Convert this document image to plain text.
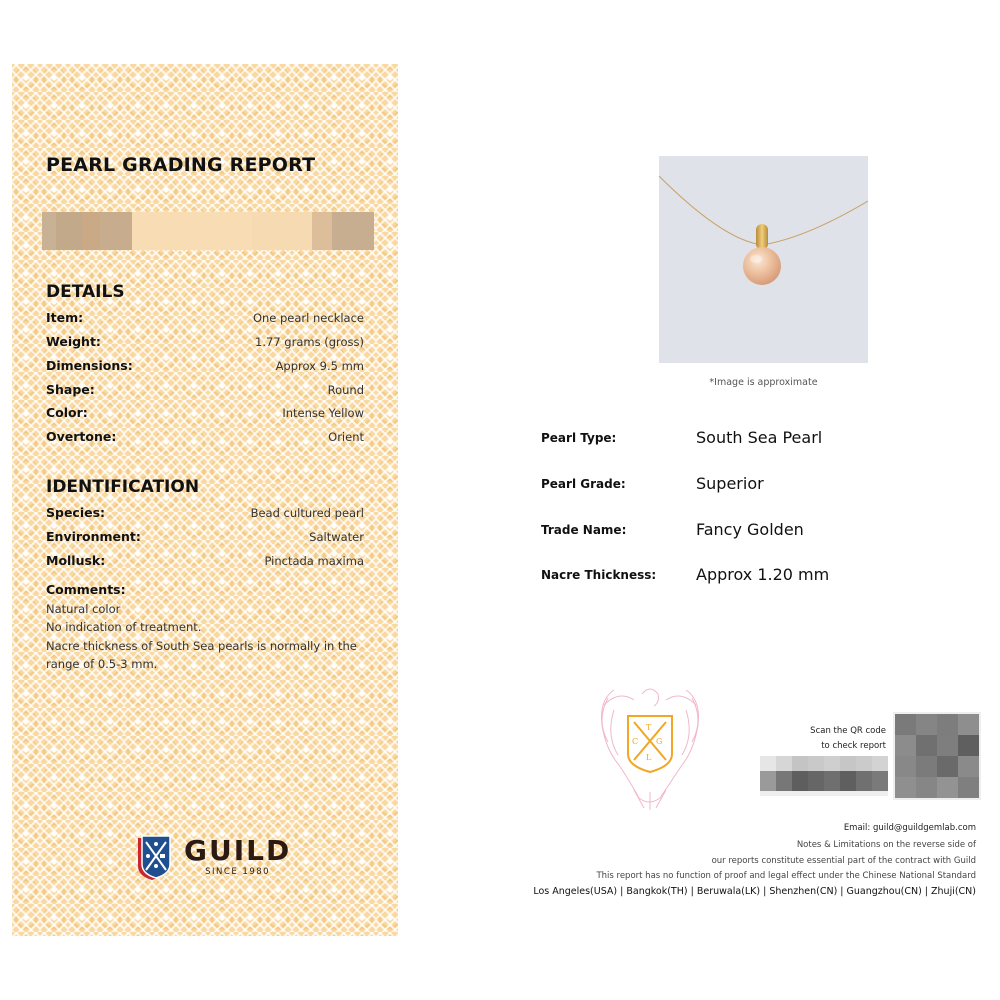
PEARL GRADING REPORT
DETAILS
Item:	One pearl necklace
Weight:	1.77 grams (gross)
Dimensions:	Approx 9.5 mm
Shape:	Round
Color:	Intense Yellow
Overtone:	Orient
IDENTIFICATION
Species:	Bead cultured pearl
Environment:	Saltwater
Mollusk:	Pinctada maxima
Comments:
Natural color
No indication of treatment.
Nacre thickness of South Sea pearls is normally in the
range of 0.5-3 mm.
GUILD
SINCE 1980
*Image is approximate
Pearl Type:	South Sea Pearl
Pearl Grade:	Superior
Trade Name:	Fancy Golden
Nacre Thickness: Approx 1.20 mm
T
C G
L
Scan the QR code
to check report
Email: guild@guildgemlab.com
Notes & Limitations on the reverse side of
our reports constitute essential part of the contract with Guild
This report has no function of proof and legal effect under the Chinese National Standard
Los Angeles(USA) | Bangkok(TH) | Beruwala(LK) | Shenzhen(CN) | Guangzhou(CN) | Zhuji(CN)
